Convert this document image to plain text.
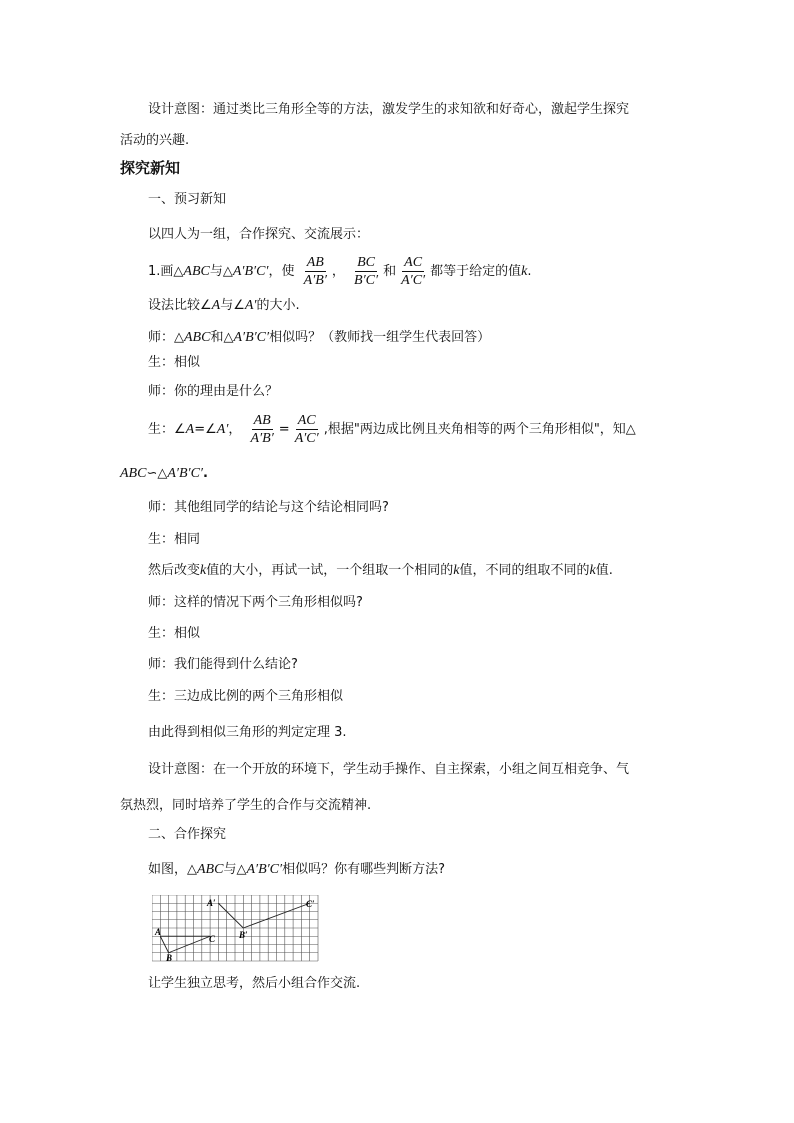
设计意图：通过类比三角形全等的方法，激发学生的求知欲和好奇心，激起学生探究
活动的兴趣.
探究新知
一、预习新知
以四人为一组，合作探究、交流展示：
1.画△ABC与△A′B′C′，使 $\frac{AB}{A'B'}$ ， $\frac{BC}{B'C'}$ 和 $\frac{AC}{A'C'}$ 都等于给定的值k.
设法比较∠A与∠A′的大小.
师：△ABC和△A′B′C′相似吗？（教师找一组学生代表回答）
生：相似
师：你的理由是什么？
生：∠A=∠A′， $\frac{AB}{A'B'} = \frac{AC}{A'C'}$ ,根据"两边成比例且夹角相等的两个三角形相似"，知△
ABC∽△A′B′C′.
师：其他组同学的结论与这个结论相同吗?
生：相同
然后改变k值的大小，再试一试，一个组取一个相同的k值，不同的组取不同的k值.
师：这样的情况下两个三角形相似吗?
生：相似
师：我们能得到什么结论?
生：三边成比例的两个三角形相似
由此得到相似三角形的判定定理 3.
设计意图：在一个开放的环境下，学生动手操作、自主探索，小组之间互相竞争、气
氛热烈，同时培养了学生的合作与交流精神.
二、合作探究
如图，△ABC与△A′B′C′相似吗？你有哪些判断方法?
A
B
C
A′
B′
C′
让学生独立思考，然后小组合作交流.
